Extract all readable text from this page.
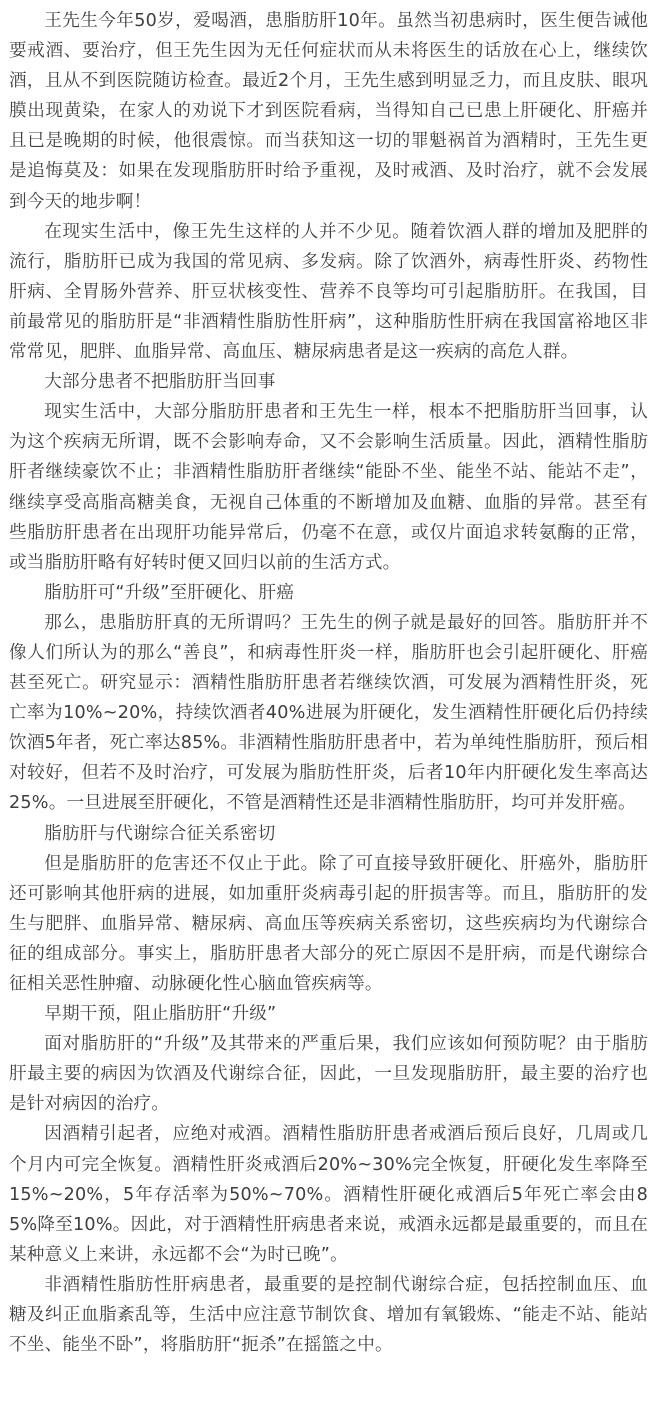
王先生今年50岁，爱喝酒，患脂肪肝10年。虽然当初患病时，医生便告诫他要戒酒、要治疗，但王先生因为无任何症状而从未将医生的话放在心上，继续饮酒，且从不到医院随访检查。最近2个月，王先生感到明显乏力，而且皮肤、眼巩膜出现黄染，在家人的劝说下才到医院看病，当得知自己已患上肝硬化、肝癌并且已是晚期的时候，他很震惊。而当获知这一切的罪魁祸首为酒精时，王先生更是追悔莫及：如果在发现脂肪肝时给予重视，及时戒酒、及时治疗，就不会发展到今天的地步啊！

在现实生活中，像王先生这样的人并不少见。随着饮酒人群的增加及肥胖的流行，脂肪肝已成为我国的常见病、多发病。除了饮酒外，病毒性肝炎、药物性肝病、全胃肠外营养、肝豆状核变性、营养不良等均可引起脂肪肝。在我国，目前最常见的脂肪肝是“非酒精性脂肪性肝病”，这种脂肪性肝病在我国富裕地区非常常见，肥胖、血脂异常、高血压、糖尿病患者是这一疾病的高危人群。

大部分患者不把脂肪肝当回事

现实生活中，大部分脂肪肝患者和王先生一样，根本不把脂肪肝当回事，认为这个疾病无所谓，既不会影响寿命，又不会影响生活质量。因此，酒精性脂肪肝者继续豪饮不止；非酒精性脂肪肝者继续“能卧不坐、能坐不站、能站不走”，继续享受高脂高糖美食，无视自己体重的不断增加及血糖、血脂的异常。甚至有些脂肪肝患者在出现肝功能异常后，仍毫不在意，或仅片面追求转氨酶的正常，或当脂肪肝略有好转时便又回归以前的生活方式。

脂肪肝可“升级”至肝硬化、肝癌

那么，患脂肪肝真的无所谓吗？王先生的例子就是最好的回答。脂肪肝并不像人们所认为的那么“善良”，和病毒性肝炎一样，脂肪肝也会引起肝硬化、肝癌甚至死亡。研究显示：酒精性脂肪肝患者若继续饮酒，可发展为酒精性肝炎，死亡率为10%~20%，持续饮酒者40%进展为肝硬化，发生酒精性肝硬化后仍持续饮酒5年者，死亡率达85%。非酒精性脂肪肝患者中，若为单纯性脂肪肝，预后相对较好，但若不及时治疗，可发展为脂肪性肝炎，后者10年内肝硬化发生率高达25%。一旦进展至肝硬化，不管是酒精性还是非酒精性脂肪肝，均可并发肝癌。

脂肪肝与代谢综合征关系密切

但是脂肪肝的危害还不仅止于此。除了可直接导致肝硬化、肝癌外，脂肪肝还可影响其他肝病的进展，如加重肝炎病毒引起的肝损害等。而且，脂肪肝的发生与肥胖、血脂异常、糖尿病、高血压等疾病关系密切，这些疾病均为代谢综合征的组成部分。事实上，脂肪肝患者大部分的死亡原因不是肝病，而是代谢综合征相关恶性肿瘤、动脉硬化性心脑血管疾病等。

早期干预，阻止脂肪肝“升级”

面对脂肪肝的“升级”及其带来的严重后果，我们应该如何预防呢？由于脂肪肝最主要的病因为饮酒及代谢综合征，因此，一旦发现脂肪肝，最主要的治疗也是针对病因的治疗。

因酒精引起者，应绝对戒酒。酒精性脂肪肝患者戒酒后预后良好，几周或几个月内可完全恢复。酒精性肝炎戒酒后20%~30%完全恢复，肝硬化发生率降至15%~20%，5年存活率为50%~70%。酒精性肝硬化戒酒后5年死亡率会由85%降至10%。因此，对于酒精性肝病患者来说，戒酒永远都是最重要的，而且在某种意义上来讲，永远都不会“为时已晚”。

非酒精性脂肪性肝病患者，最重要的是控制代谢综合症，包括控制血压、血糖及纠正血脂紊乱等，生活中应注意节制饮食、增加有氧锻炼、“能走不站、能站不坐、能坐不卧”，将脂肪肝“扼杀”在摇篮之中。
